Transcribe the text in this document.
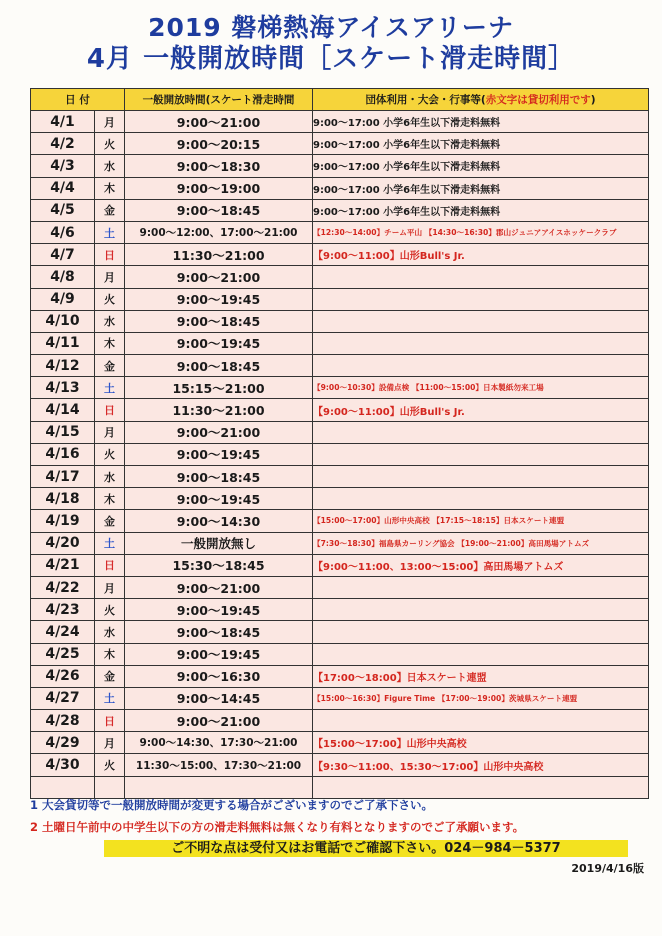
2019 磐梯熱海アイスアリーナ
4月 一般開放時間［スケート滑走時間］
日 付		一般開放時間(スケート滑走時間	団体利用・大会・行事等(赤文字は貸切利用です)
4/1	月	9:00～21:00	9:00～17:00 小学6年生以下滑走料無料
4/2	火	9:00～20:15	9:00～17:00 小学6年生以下滑走料無料
4/3	水	9:00～18:30	9:00～17:00 小学6年生以下滑走料無料
4/4	木	9:00～19:00	9:00～17:00 小学6年生以下滑走料無料
4/5	金	9:00～18:45	9:00～17:00 小学6年生以下滑走料無料
4/6	土	9:00～12:00、17:00～21:00	【12:30～14:00】チーム平山 【14:30～16:30】郡山ジュニアアイスホッケークラブ
4/7	日	11:30～21:00	【9:00～11:00】山形Bull's Jr.
4/8	月	9:00～21:00	
4/9	火	9:00～19:45	
4/10	水	9:00～18:45	
4/11	木	9:00～19:45	
4/12	金	9:00～18:45	
4/13	土	15:15～21:00	【9:00～10:30】設備点検 【11:00～15:00】日本製紙勿来工場
4/14	日	11:30～21:00	【9:00～11:00】山形Bull's Jr.
4/15	月	9:00～21:00	
4/16	火	9:00～19:45	
4/17	水	9:00～18:45	
4/18	木	9:00～19:45	
4/19	金	9:00～14:30	【15:00～17:00】山形中央高校 【17:15～18:15】日本スケート連盟
4/20	土	一般開放無し	【7:30～18:30】福島県カーリング協会 【19:00～21:00】高田馬場アトムズ
4/21	日	15:30～18:45	【9:00～11:00、13:00～15:00】高田馬場アトムズ
4/22	月	9:00～21:00	
4/23	火	9:00～19:45	
4/24	水	9:00～18:45	
4/25	木	9:00～19:45	
4/26	金	9:00～16:30	【17:00～18:00】日本スケート連盟
4/27	土	9:00～14:45	【15:00～16:30】Figure Time 【17:00～19:00】茨城県スケート連盟
4/28	日	9:00～21:00	
4/29	月	9:00～14:30、17:30～21:00	【15:00～17:00】山形中央高校
4/30	火	11:30～15:00、17:30～21:00	【9:30～11:00、15:30～17:00】山形中央高校

1 大会貸切等で一般開放時間が変更する場合がございますのでご了承下さい。
2 土曜日午前中の中学生以下の方の滑走料無料は無くなり有料となりますのでご了承願います。
ご不明な点は受付又はお電話でご確認下さい。024－984－5377
2019/4/16版
